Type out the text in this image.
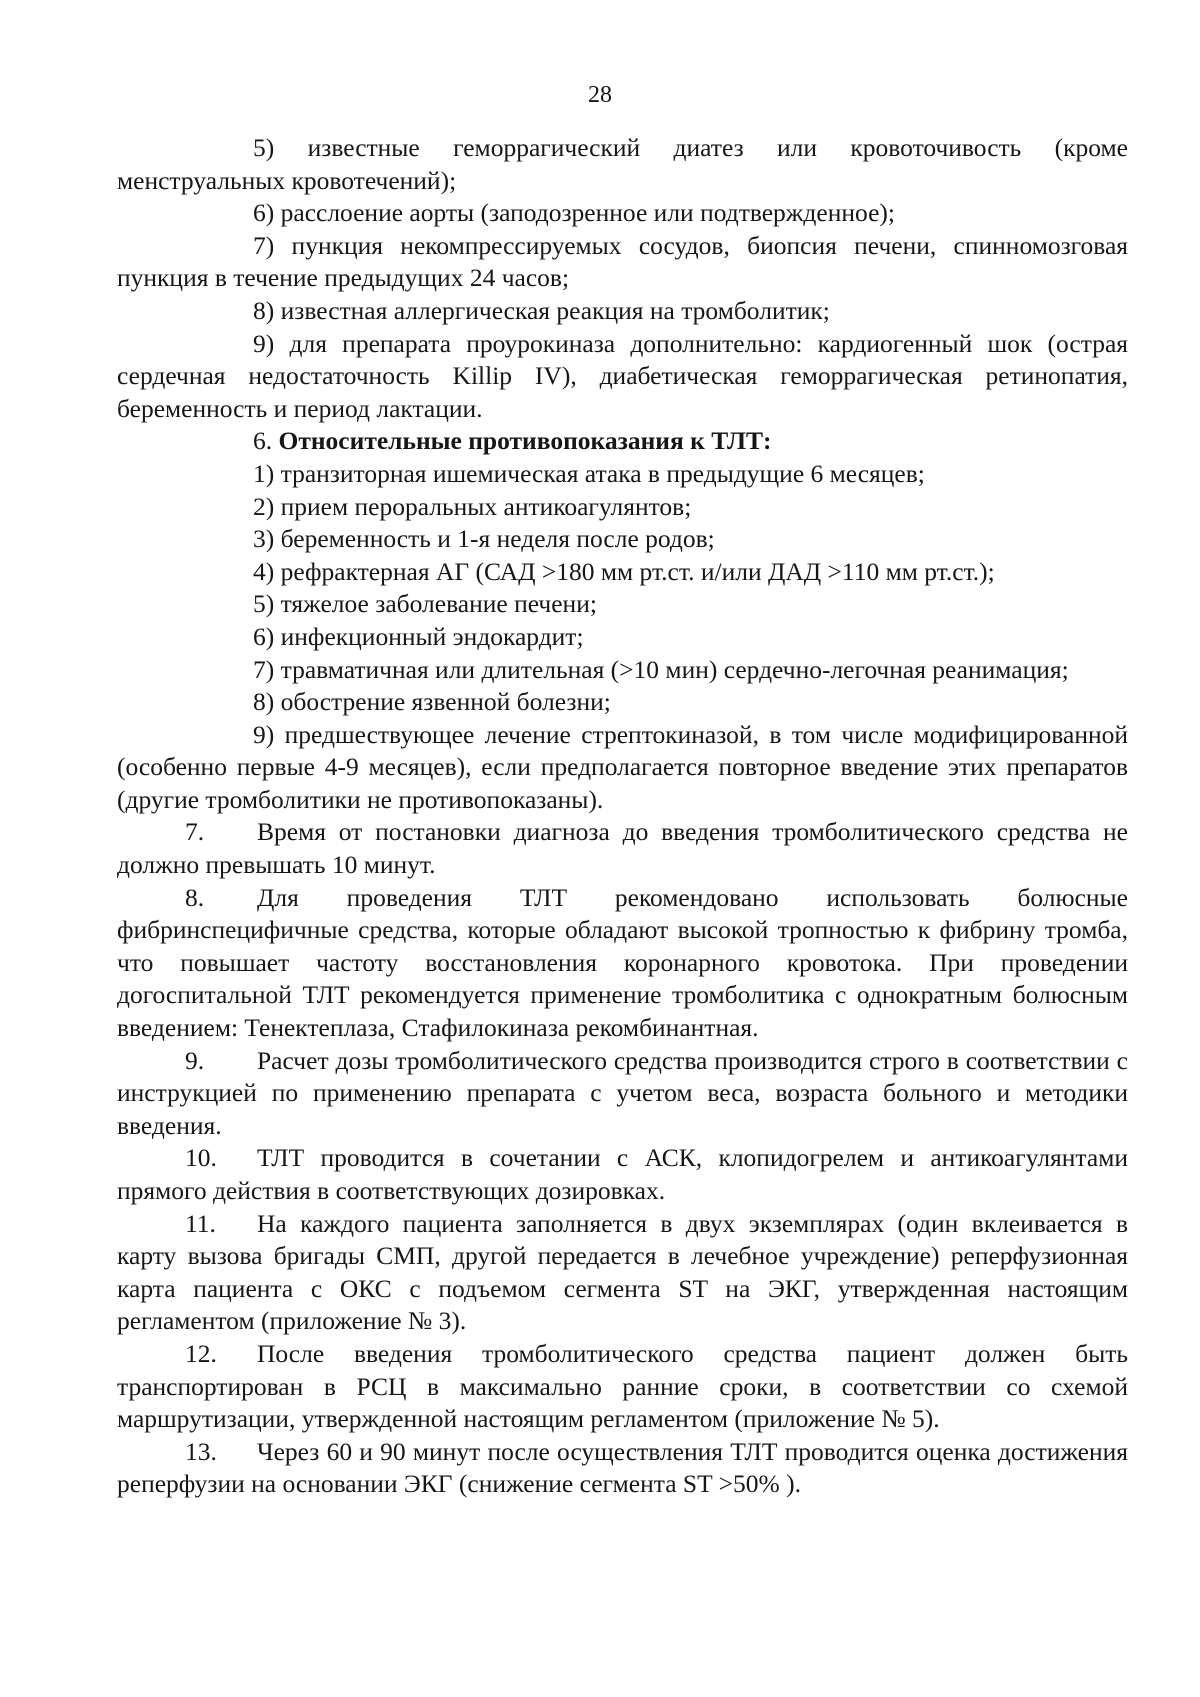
28

5) известные геморрагический диатез или кровоточивость (кроме менструальных кровотечений);

6) расслоение аорты (заподозренное или подтвержденное);

7) пункция некомпрессируемых сосудов, биопсия печени, спинномозговая пункция в течение предыдущих 24 часов;

8) известная аллергическая реакция на тромболитик;

9) для препарата проурокиназа дополнительно: кардиогенный шок (острая сердечная недостаточность Killip IV), диабетическая геморрагическая ретинопатия, беременность и период лактации.

6. Относительные противопоказания к ТЛТ:

1) транзиторная ишемическая атака в предыдущие 6 месяцев;

2) прием пероральных антикоагулянтов;

3) беременность и 1-я неделя после родов;

4) рефрактерная АГ (САД >180 мм рт.ст. и/или ДАД >110 мм рт.ст.);

5) тяжелое заболевание печени;

6) инфекционный эндокардит;

7) травматичная или длительная (>10 мин) сердечно-легочная реанимация;

8) обострение язвенной болезни;

9) предшествующее лечение стрептокиназой, в том числе модифицированной (особенно первые 4-9 месяцев), если предполагается повторное введение этих препаратов (другие тромболитики не противопоказаны).

7. Время от постановки диагноза до введения тромболитического средства не должно превышать 10 минут.

8. Для проведения ТЛТ рекомендовано использовать болюсные фибринспецифичные средства, которые обладают высокой тропностью к фибрину тромба, что повышает частоту восстановления коронарного кровотока. При проведении догоспитальной ТЛТ рекомендуется применение тромболитика с однократным болюсным введением: Тенектеплаза, Стафилокиназа рекомбинантная.

9. Расчет дозы тромболитического средства производится строго в соответствии с инструкцией по применению препарата с учетом веса, возраста больного и методики введения.

10. ТЛТ проводится в сочетании с АСК, клопидогрелем и антикоагулянтами прямого действия в соответствующих дозировках.

11. На каждого пациента заполняется в двух экземплярах (один вклеивается в карту вызова бригады СМП, другой передается в лечебное учреждение) реперфузионная карта пациента с ОКС с подъемом сегмента ST на ЭКГ, утвержденная настоящим регламентом (приложение № 3).

12. После введения тромболитического средства пациент должен быть транспортирован в РСЦ в максимально ранние сроки, в соответствии со схемой маршрутизации, утвержденной настоящим регламентом (приложение № 5).

13. Через 60 и 90 минут после осуществления ТЛТ проводится оценка достижения реперфузии на основании ЭКГ (снижение сегмента ST >50% ).
